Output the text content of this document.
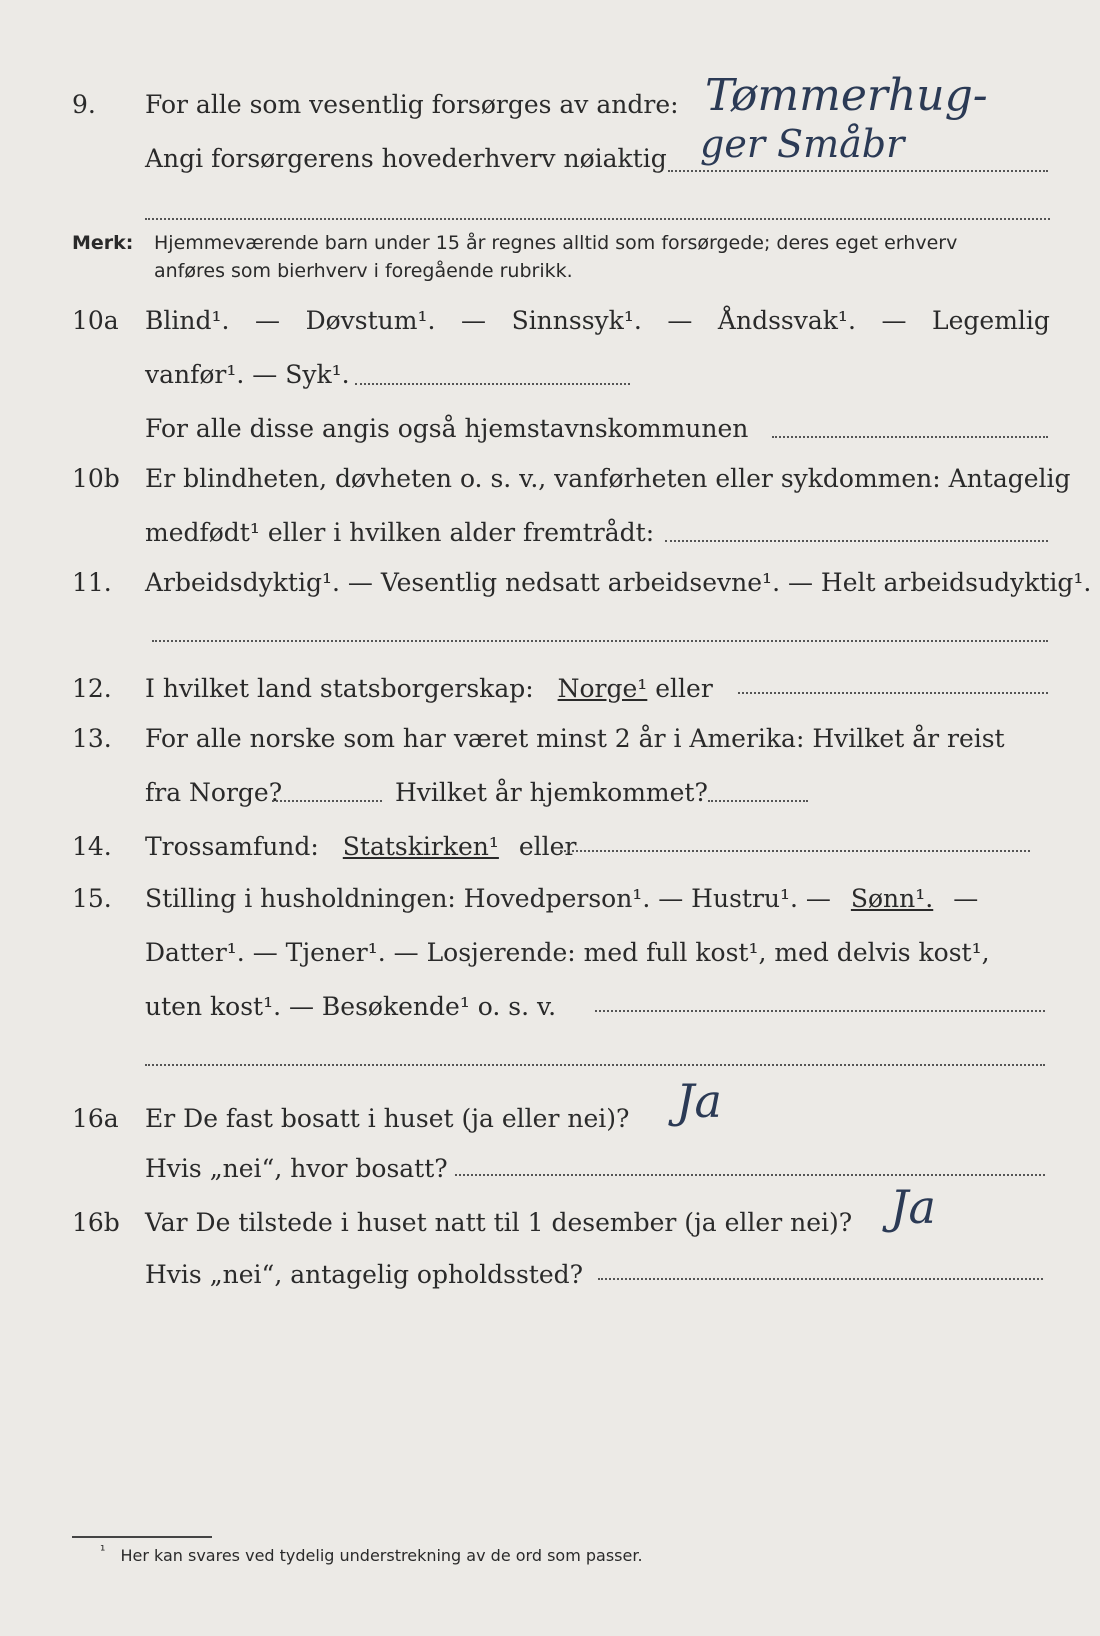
9. For alle som vesentlig forsørges av andre: Tømmerhug-
Angi forsørgerens hovederhverv nøiaktig ger Småbr
Merk: Hjemmeværende barn under 15 år regnes alltid som forsørgede; deres eget erhverv
anføres som bierhverv i foregående rubrikk.
10a Blind¹. — Døvstum¹. — Sinnssyk¹. — Åndssvak¹. — Legemlig
vanfør¹. — Syk¹.
For alle disse angis også hjemstavnskommunen
10b Er blindheten, døvheten o. s. v., vanførheten eller sykdommen: Antagelig
medfødt¹ eller i hvilken alder fremtrådt:
11. Arbeidsdyktig¹. — Vesentlig nedsatt arbeidsevne¹. — Helt arbeidsudyktig¹.
12. I hvilket land statsborgerskap: Norge¹ eller
13. For alle norske som har været minst 2 år i Amerika: Hvilket år reist
fra Norge?	Hvilket år hjemkommet?
14. Trossamfund: Statskirken¹ eller
15. Stilling i husholdningen: Hovedperson¹. — Hustru¹. — Sønn¹. —
Datter¹. — Tjener¹. — Losjerende: med full kost¹, med delvis kost¹,
uten kost¹. — Besøkende¹ o. s. v.
16a Er De fast bosatt i huset (ja eller nei)? Ja
Hvis „nei“, hvor bosatt?
16b Var De tilstede i huset natt til 1 desember (ja eller nei)? Ja
Hvis „nei“, antagelig opholdssted?
$^{^1}$ Her kan svares ved tydelig understrekning av de ord som passer.
